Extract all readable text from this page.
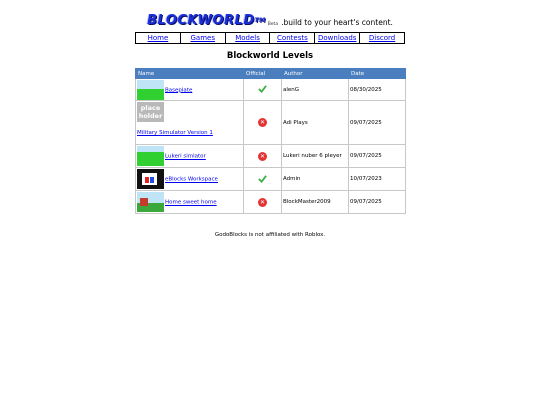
BLOCKWORLD™
Beta .build to your heart's content.
Home	Games	Models	Contests	Downloads	Discord
Blockworld Levels
Name	Official	Author	Date
Baseplate		alenG	08/30/2025
place holder

Military Simulator Version 1	✕	Adi Plays	09/07/2025
Lukeri simlator	✕	Lukeri nuber 6 pleyer	09/07/2025
eBlocks Workspace		Admin	10/07/2023
Home sweet home	✕	BlockMaster2009	09/07/2025
GodoBlocks is not affiliated with Roblox.
